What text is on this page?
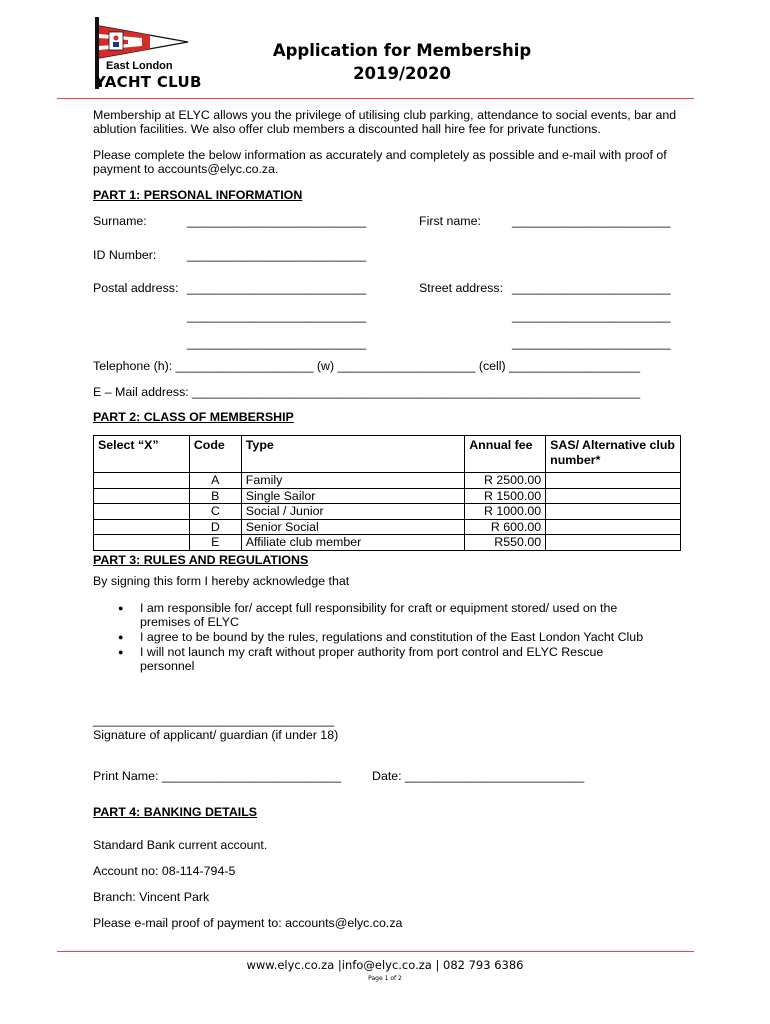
East London
YACHT CLUB
Application for Membership
2019/2020
Membership at ELYC allows you the privilege of utilising club parking, attendance to social events, bar and ablution facilities. We also offer club members a discounted hall hire fee for private functions.
Please complete the below information as accurately and completely as possible and e-mail with proof of payment to accounts@elyc.co.za.
PART 1: PERSONAL INFORMATION
Surname:	__________________________	First name:	_______________________
ID Number: __________________________
Postal address: __________________________	Street address: _______________________
__________________________	_______________________
__________________________	_______________________
Telephone (h): ____________________ (w) ____________________ (cell) ___________________
E – Mail address: _________________________________________________________________
PART 2: CLASS OF MEMBERSHIP
Select “X”	Code	Type	Annual fee	SAS/ Alternative club number*
	A	Family	R 2500.00	
	B	Single Sailor	R 1500.00	
	C	Social / Junior	R 1000.00	
	D	Senior Social	R 600.00	
	E	Affiliate club member	R550.00	
PART 3: RULES AND REGULATIONS
By signing this form I hereby acknowledge that
● I am responsible for/ accept full responsibility for craft or equipment stored/ used on the premises of ELYC
● I agree to be bound by the rules, regulations and constitution of the East London Yacht Club
● I will not launch my craft without proper authority from port control and ELYC Rescue personnel
___________________________________
Signature of applicant/ guardian (if under 18)
Print Name: __________________________ Date: __________________________
PART 4: BANKING DETAILS
Standard Bank current account.
Account no: 08-114-794-5
Branch: Vincent Park
Please e-mail proof of payment to: accounts@elyc.co.za
www.elyc.co.za |info@elyc.co.za | 082 793 6386
Page 1 of 2
